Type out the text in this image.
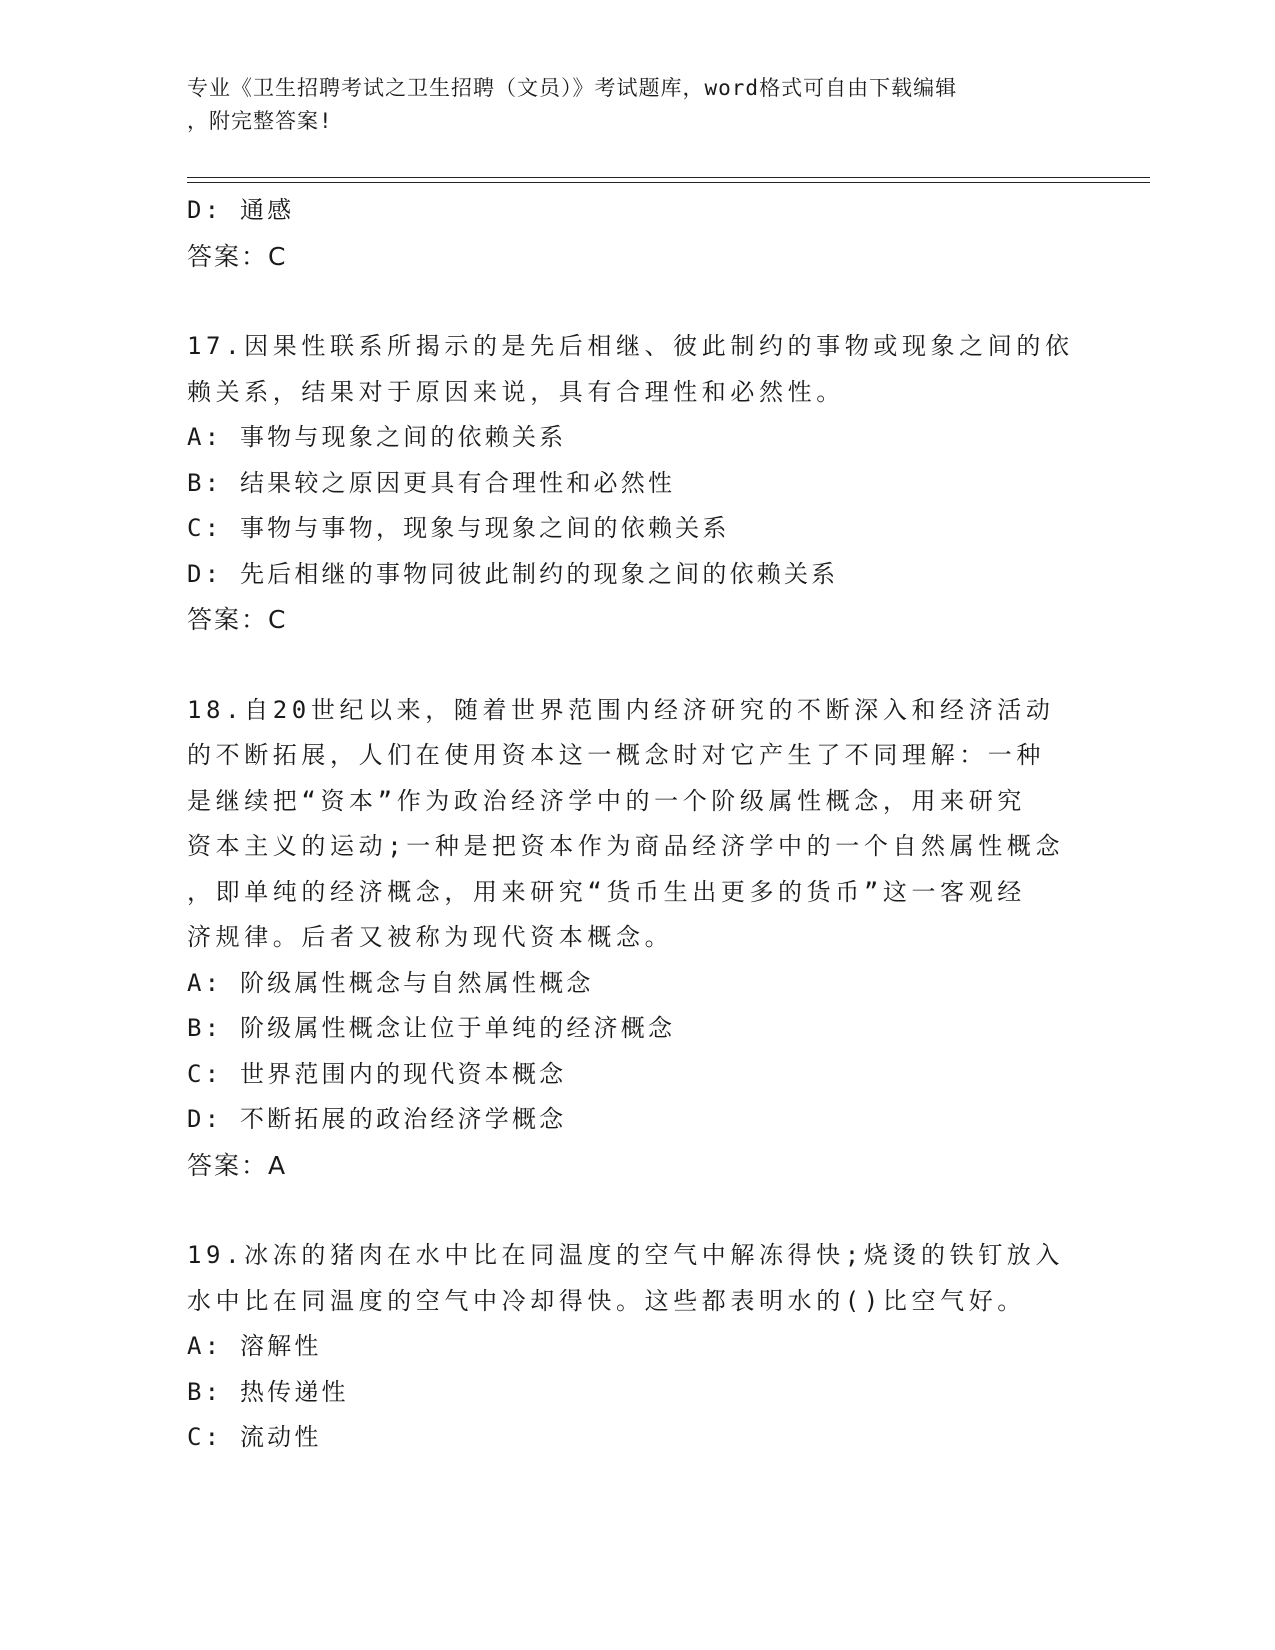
专业《卫生招聘考试之卫生招聘（文员）》考试题库，word格式可自由下载编辑
，附完整答案!
D: 通感
答案：C
17.因果性联系所揭示的是先后相继、彼此制约的事物或现象之间的依
赖关系，结果对于原因来说，具有合理性和必然性。
A: 事物与现象之间的依赖关系
B: 结果较之原因更具有合理性和必然性
C: 事物与事物，现象与现象之间的依赖关系
D: 先后相继的事物同彼此制约的现象之间的依赖关系
答案：C
18.自20世纪以来，随着世界范围内经济研究的不断深入和经济活动
的不断拓展，人们在使用资本这一概念时对它产生了不同理解：一种
是继续把“资本”作为政治经济学中的一个阶级属性概念，用来研究
资本主义的运动;一种是把资本作为商品经济学中的一个自然属性概念
，即单纯的经济概念，用来研究“货币生出更多的货币”这一客观经
济规律。后者又被称为现代资本概念。
A: 阶级属性概念与自然属性概念
B: 阶级属性概念让位于单纯的经济概念
C: 世界范围内的现代资本概念
D: 不断拓展的政治经济学概念
答案：A
19.冰冻的猪肉在水中比在同温度的空气中解冻得快;烧烫的铁钉放入
水中比在同温度的空气中冷却得快。这些都表明水的()比空气好。
A: 溶解性
B: 热传递性
C: 流动性
